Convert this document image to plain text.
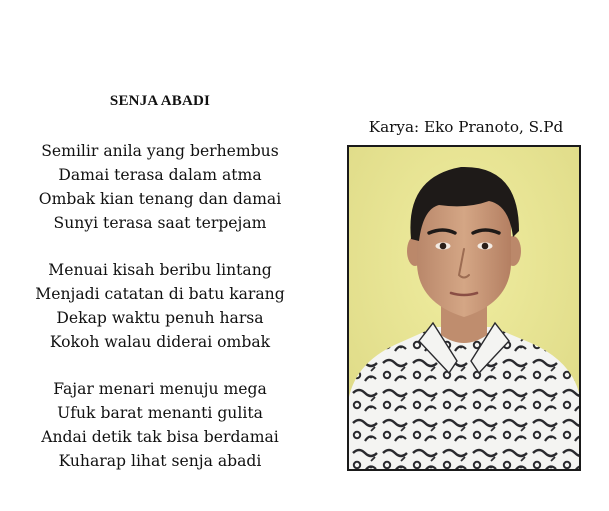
SENJA ABADI
Semilir anila yang berhembus
Damai terasa dalam atma
Ombak kian tenang dan damai
Sunyi terasa saat terpejam
Menuai kisah beribu lintang
Menjadi catatan di batu karang
Dekap waktu penuh harsa
Kokoh walau diderai ombak
Fajar menari menuju mega
Ufuk barat menanti gulita
Andai detik tak bisa berdamai
Kuharap lihat senja abadi
Karya: Eko Pranoto, S.Pd
